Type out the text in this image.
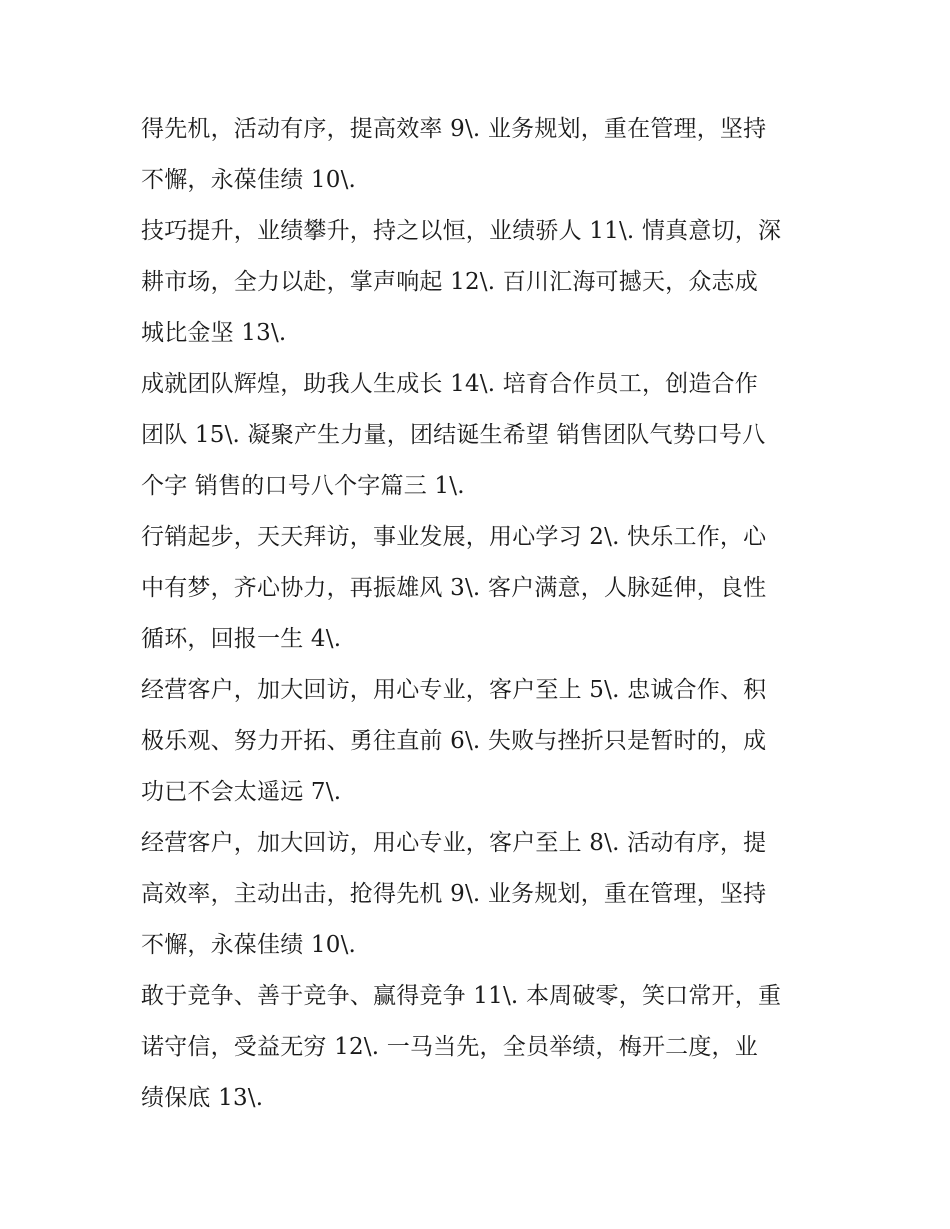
得先机，活动有序，提高效率 9\. 业务规划，重在管理，坚持
不懈，永葆佳绩 10\.
技巧提升，业绩攀升，持之以恒，业绩骄人 11\. 情真意切，深
耕市场，全力以赴，掌声响起 12\. 百川汇海可撼天，众志成
城比金坚 13\.
成就团队辉煌，助我人生成长 14\. 培育合作员工，创造合作
团队 15\. 凝聚产生力量，团结诞生希望 销售团队气势口号八
个字 销售的口号八个字篇三 1\.
行销起步，天天拜访，事业发展，用心学习 2\. 快乐工作，心
中有梦，齐心协力，再振雄风 3\. 客户满意，人脉延伸，良性
循环，回报一生 4\.
经营客户，加大回访，用心专业，客户至上 5\. 忠诚合作、积
极乐观、努力开拓、勇往直前 6\. 失败与挫折只是暂时的，成
功已不会太遥远 7\.
经营客户，加大回访，用心专业，客户至上 8\. 活动有序，提
高效率，主动出击，抢得先机 9\. 业务规划，重在管理，坚持
不懈，永葆佳绩 10\.
敢于竞争、善于竞争、赢得竞争 11\. 本周破零，笑口常开，重
诺守信，受益无穷 12\. 一马当先，全员举绩，梅开二度，业
绩保底 13\.
